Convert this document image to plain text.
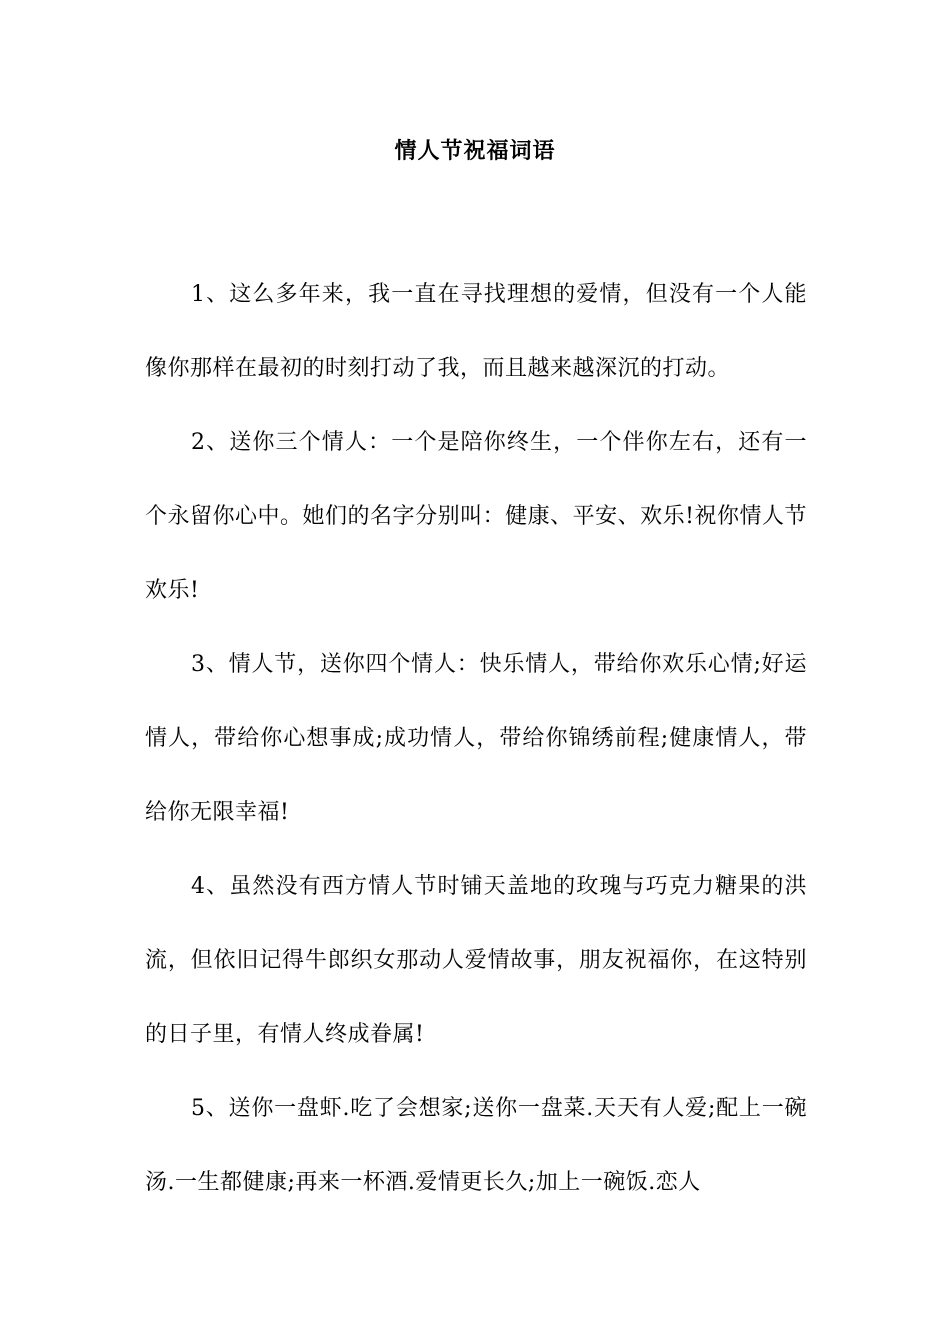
情人节祝福词语

1、这么多年来，我一直在寻找理想的爱情，但没有一个人能像你那样在最初的时刻打动了我，而且越来越深沉的打动。

2、送你三个情人：一个是陪你终生，一个伴你左右，还有一个永留你心中。她们的名字分别叫：健康、平安、欢乐!祝你情人节欢乐!

3、情人节，送你四个情人：快乐情人，带给你欢乐心情;好运情人，带给你心想事成;成功情人，带给你锦绣前程;健康情人，带给你无限幸福!

4、虽然没有西方情人节时铺天盖地的玫瑰与巧克力糖果的洪流，但依旧记得牛郎织女那动人爱情故事，朋友祝福你，在这特别的日子里，有情人终成眷属!

5、送你一盘虾.吃了会想家;送你一盘菜.天天有人爱;配上一碗汤.一生都健康;再来一杯酒.爱情更长久;加上一碗饭.恋人
